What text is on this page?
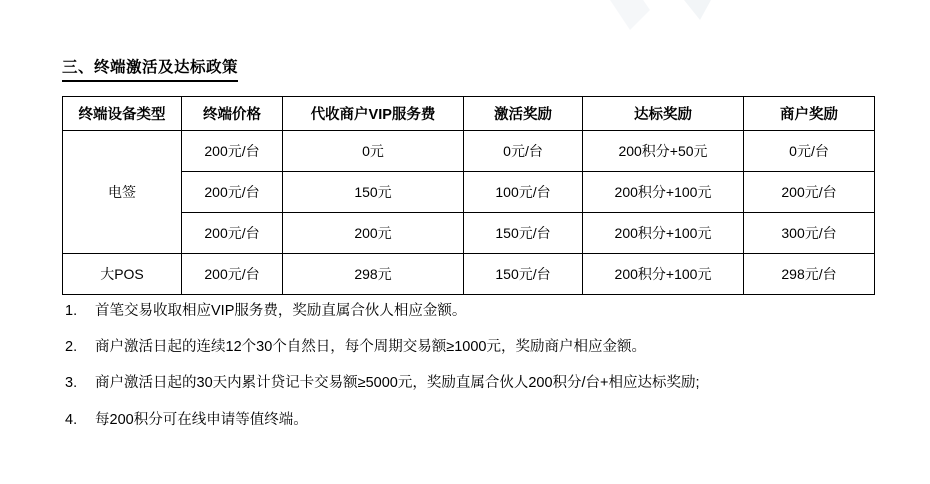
三、终端激活及达标政策
终端设备类型	终端价格	代收商户VIP服务费	激活奖励	达标奖励	商户奖励
电签	200元/台	0元	0元/台	200积分+50元	0元/台
	200元/台	150元	100元/台	200积分+100元	200元/台
	200元/台	200元	150元/台	200积分+100元	300元/台
大POS	200元/台	298元	150元/台	200积分+100元	298元/台
1.	首笔交易收取相应VIP服务费，奖励直属合伙人相应金额。
2.	商户激活日起的连续12个30个自然日，每个周期交易额≥1000元，奖励商户相应金额。
3.	商户激活日起的30天内累计贷记卡交易额≥5000元，奖励直属合伙人200积分/台+相应达标奖励;
4.	每200积分可在线申请等值终端。
